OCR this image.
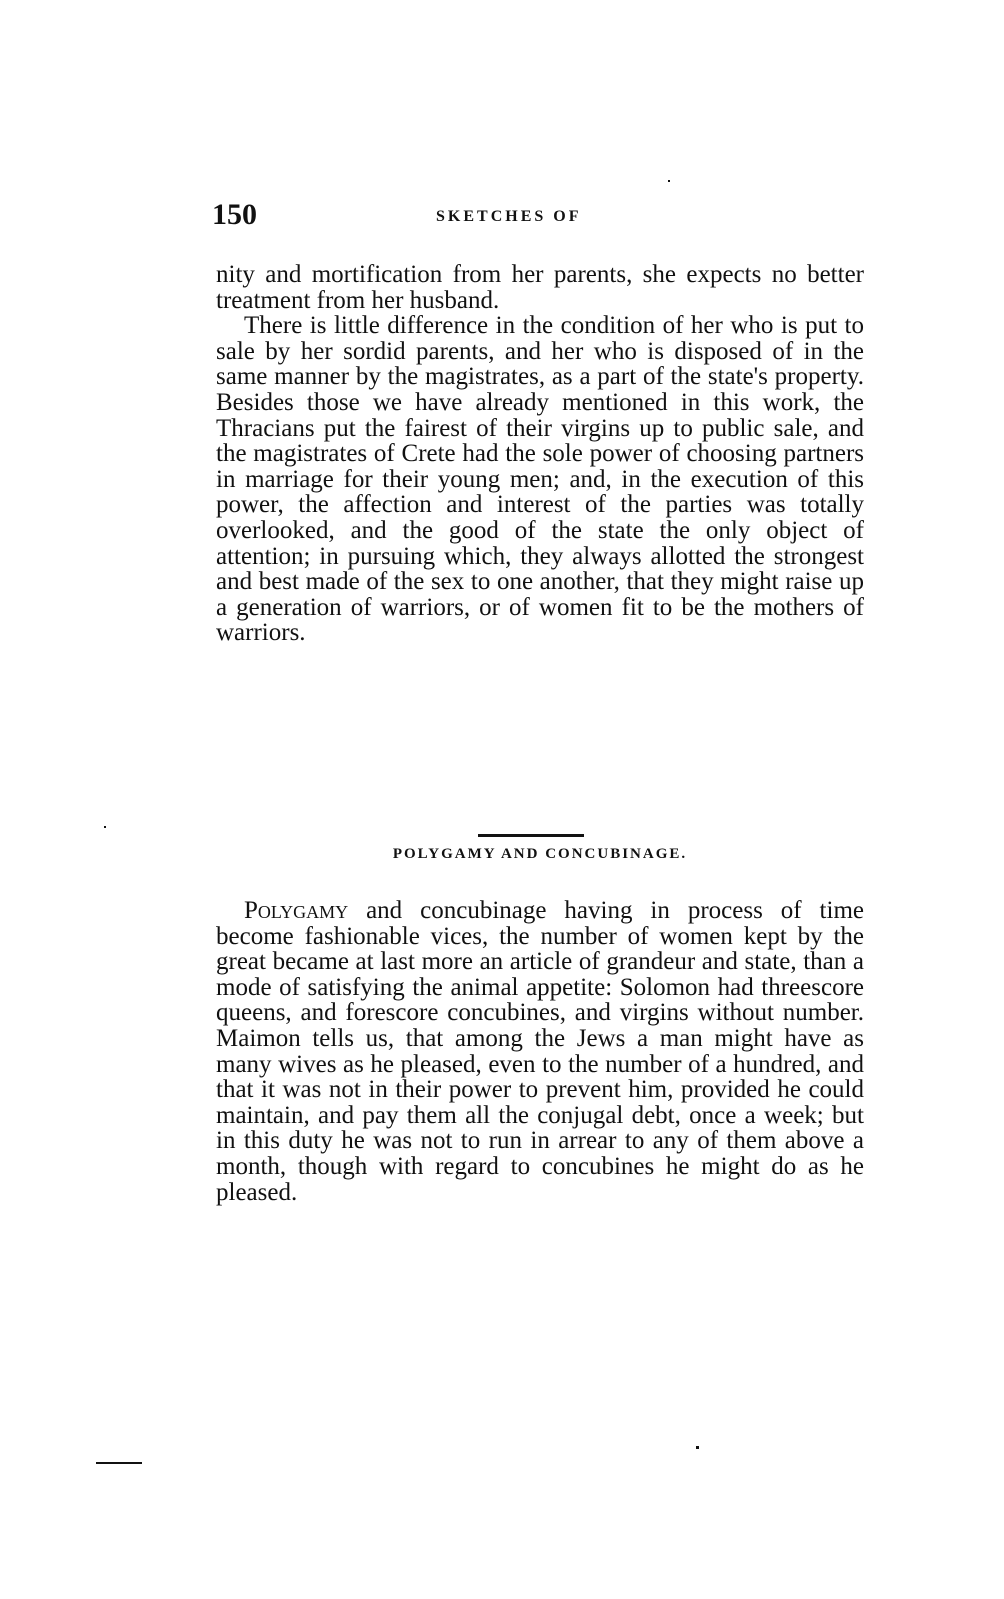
150	SKETCHES OF

nity and mortification from her parents, she expects no better treatment from her husband.

There is little difference in the condition of her who is put to sale by her sordid parents, and her who is disposed of in the same manner by the magistrates, as a part of the state's property. Besides those we have already mentioned in this work, the Thracians put the fairest of their virgins up to public sale, and the magistrates of Crete had the sole power of choosing partners in marriage for their young men; and, in the execution of this power, the affection and interest of the parties was totally overlooked, and the good of the state the only object of attention; in pursuing which, they always allotted the strongest and best made of the sex to one another, that they might raise up a generation of warriors, or of women fit to be the mothers of warriors.

POLYGAMY AND CONCUBINAGE.

Polygamy and concubinage having in process of time become fashionable vices, the number of women kept by the great became at last more an article of grandeur and state, than a mode of satisfying the animal appetite: Solomon had threescore queens, and forescore concubines, and virgins without number. Maimon tells us, that among the Jews a man might have as many wives as he pleased, even to the number of a hundred, and that it was not in their power to prevent him, provided he could maintain, and pay them all the conjugal debt, once a week; but in this duty he was not to run in arrear to any of them above a month, though with regard to concubines he might do as he pleased.
